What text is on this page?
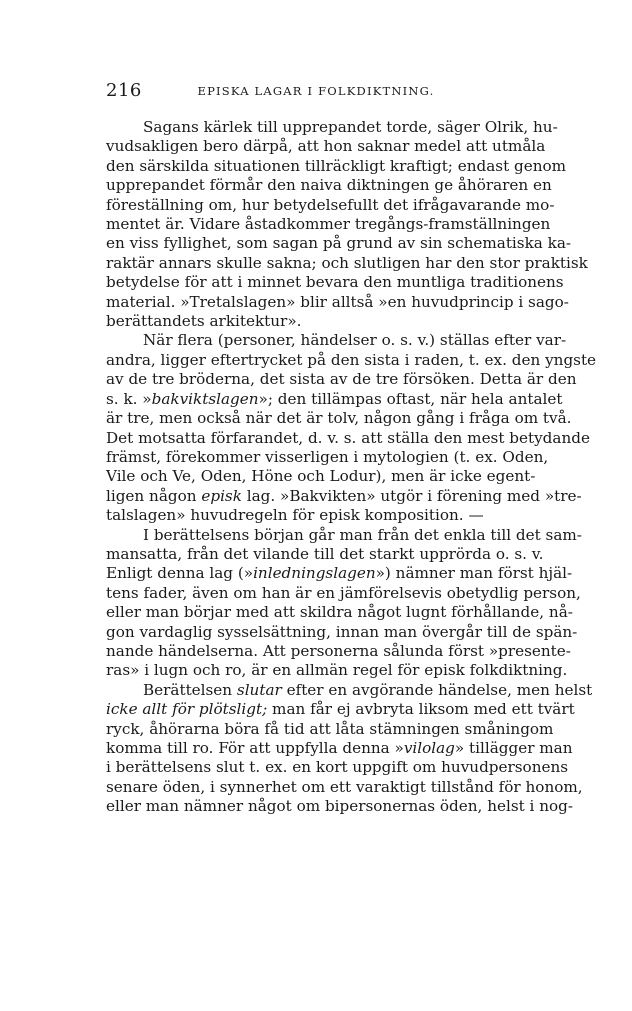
216	EPISKA LAGAR I FOLKDIKTNING.
Sagans kärlek till upprepandet torde, säger Olrik, hu-
vudsakligen bero därpå, att hon saknar medel att utmåla
den särskilda situationen tillräckligt kraftigt; endast genom
upprepandet förmår den naiva diktningen ge åhöraren en
föreställning om, hur betydelsefullt det ifrågavarande mo-
mentet är. Vidare åstadkommer tregångs-framställningen
en viss fyllighet, som sagan på grund av sin schematiska ka-
raktär annars skulle sakna; och slutligen har den stor praktisk
betydelse för att i minnet bevara den muntliga traditionens
material. »Tretalslagen» blir alltså »en huvudprincip i sago-
berättandets arkitektur».
När flera (personer, händelser o. s. v.) ställas efter var-
andra, ligger eftertrycket på den sista i raden, t. ex. den yngste
av de tre bröderna, det sista av de tre försöken. Detta är den
s. k. »bakviktslagen»; den tillämpas oftast, när hela antalet
är tre, men också när det är tolv, någon gång i fråga om två.
Det motsatta förfarandet, d. v. s. att ställa den mest betydande
främst, förekommer visserligen i mytologien (t. ex. Oden,
Vile och Ve, Oden, Höne och Lodur), men är icke egent-
ligen någon episk lag. »Bakvikten» utgör i förening med »tre-
talslagen» huvudregeln för episk komposition. —
I berättelsens början går man från det enkla till det sam-
mansatta, från det vilande till det starkt upprörda o. s. v.
Enligt denna lag (»inledningslagen») nämner man först hjäl-
tens fader, även om han är en jämförelsevis obetydlig person,
eller man börjar med att skildra något lugnt förhållande, nå-
gon vardaglig sysselsättning, innan man övergår till de spän-
nande händelserna. Att personerna sålunda först »presente-
ras» i lugn och ro, är en allmän regel för episk folkdiktning.
Berättelsen slutar efter en avgörande händelse, men helst
icke allt för plötsligt; man får ej avbryta liksom med ett tvärt
ryck, åhörarna böra få tid att låta stämningen småningom
komma till ro. För att uppfylla denna »vilolag» tillägger man
i berättelsens slut t. ex. en kort uppgift om huvudpersonens
senare öden, i synnerhet om ett varaktigt tillstånd för honom,
eller man nämner något om bipersonernas öden, helst i nog-
